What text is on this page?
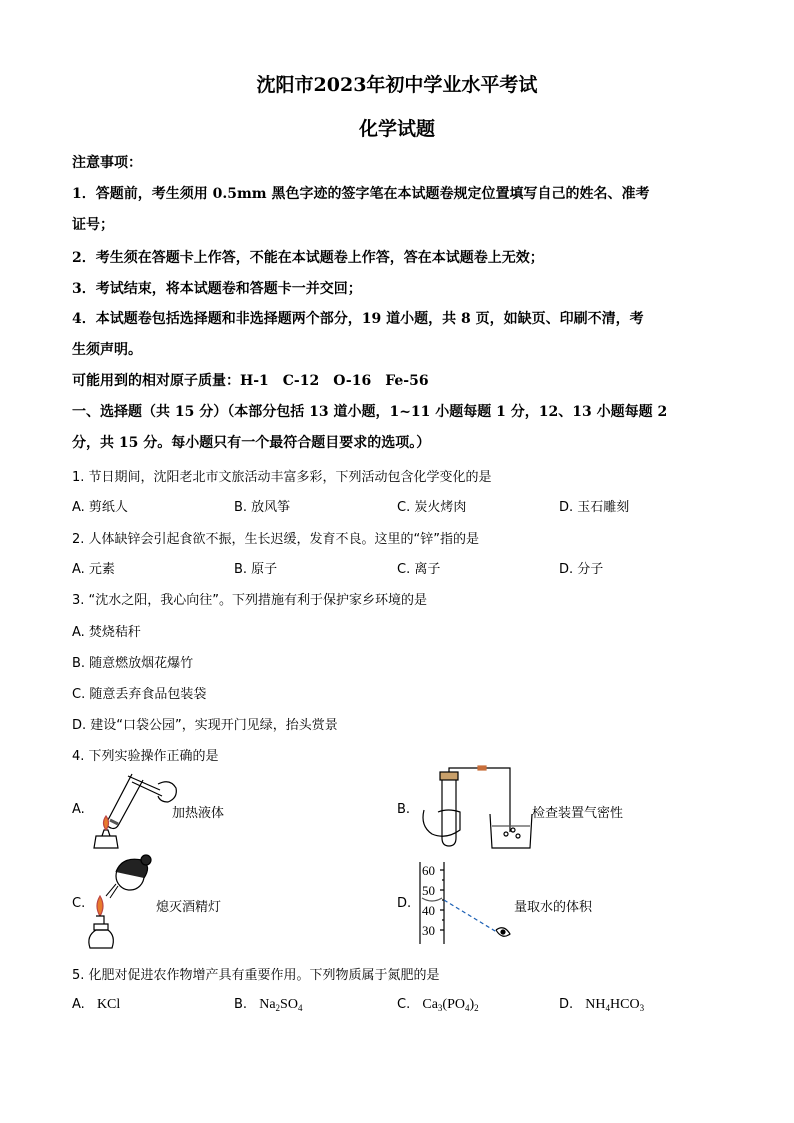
沈阳市2023年初中学业水平考试
化学试题
注意事项：
1．答题前，考生须用 0.5mm 黑色字迹的签字笔在本试题卷规定位置填写自己的姓名、准考
证号；
2．考生须在答题卡上作答，不能在本试题卷上作答，答在本试题卷上无效；
3．考试结束，将本试题卷和答题卡一并交回；
4．本试题卷包括选择题和非选择题两个部分，19 道小题，共 8 页，如缺页、印刷不清，考
生须声明。
可能用到的相对原子质量：H-1　C-12　O-16　Fe-56
一、选择题（共 15 分）（本部分包括 13 道小题，1~11 小题每题 1 分，12、13 小题每题 2
分，共 15 分。每小题只有一个最符合题目要求的选项。）
1. 节日期间，沈阳老北市文旅活动丰富多彩，下列活动包含化学变化的是
A. 剪纸人	B. 放风筝	C. 炭火烤肉	D. 玉石雕刻
2. 人体缺锌会引起食欲不振，生长迟缓，发育不良。这里的“锌”指的是
A. 元素	B. 原子	C. 离子	D. 分子
3. “沈水之阳，我心向往”。下列措施有利于保护家乡环境的是
A. 焚烧秸秆
B. 随意燃放烟花爆竹
C. 随意丢弃食品包装袋
D. 建设“口袋公园”，实现开门见绿，抬头赏景
4. 下列实验操作正确的是
A.	加热液体	B.	检查装置气密性
C.	熄灭酒精灯	D.
60
50
40
30
量取水的体积
5. 化肥对促进农作物增产具有重要作用。下列物质属于氮肥的是
A. KCl	B. $Na_2SO_4$	C. $Ca_3(PO_4)_2$	D. $NH_4HCO_3$
